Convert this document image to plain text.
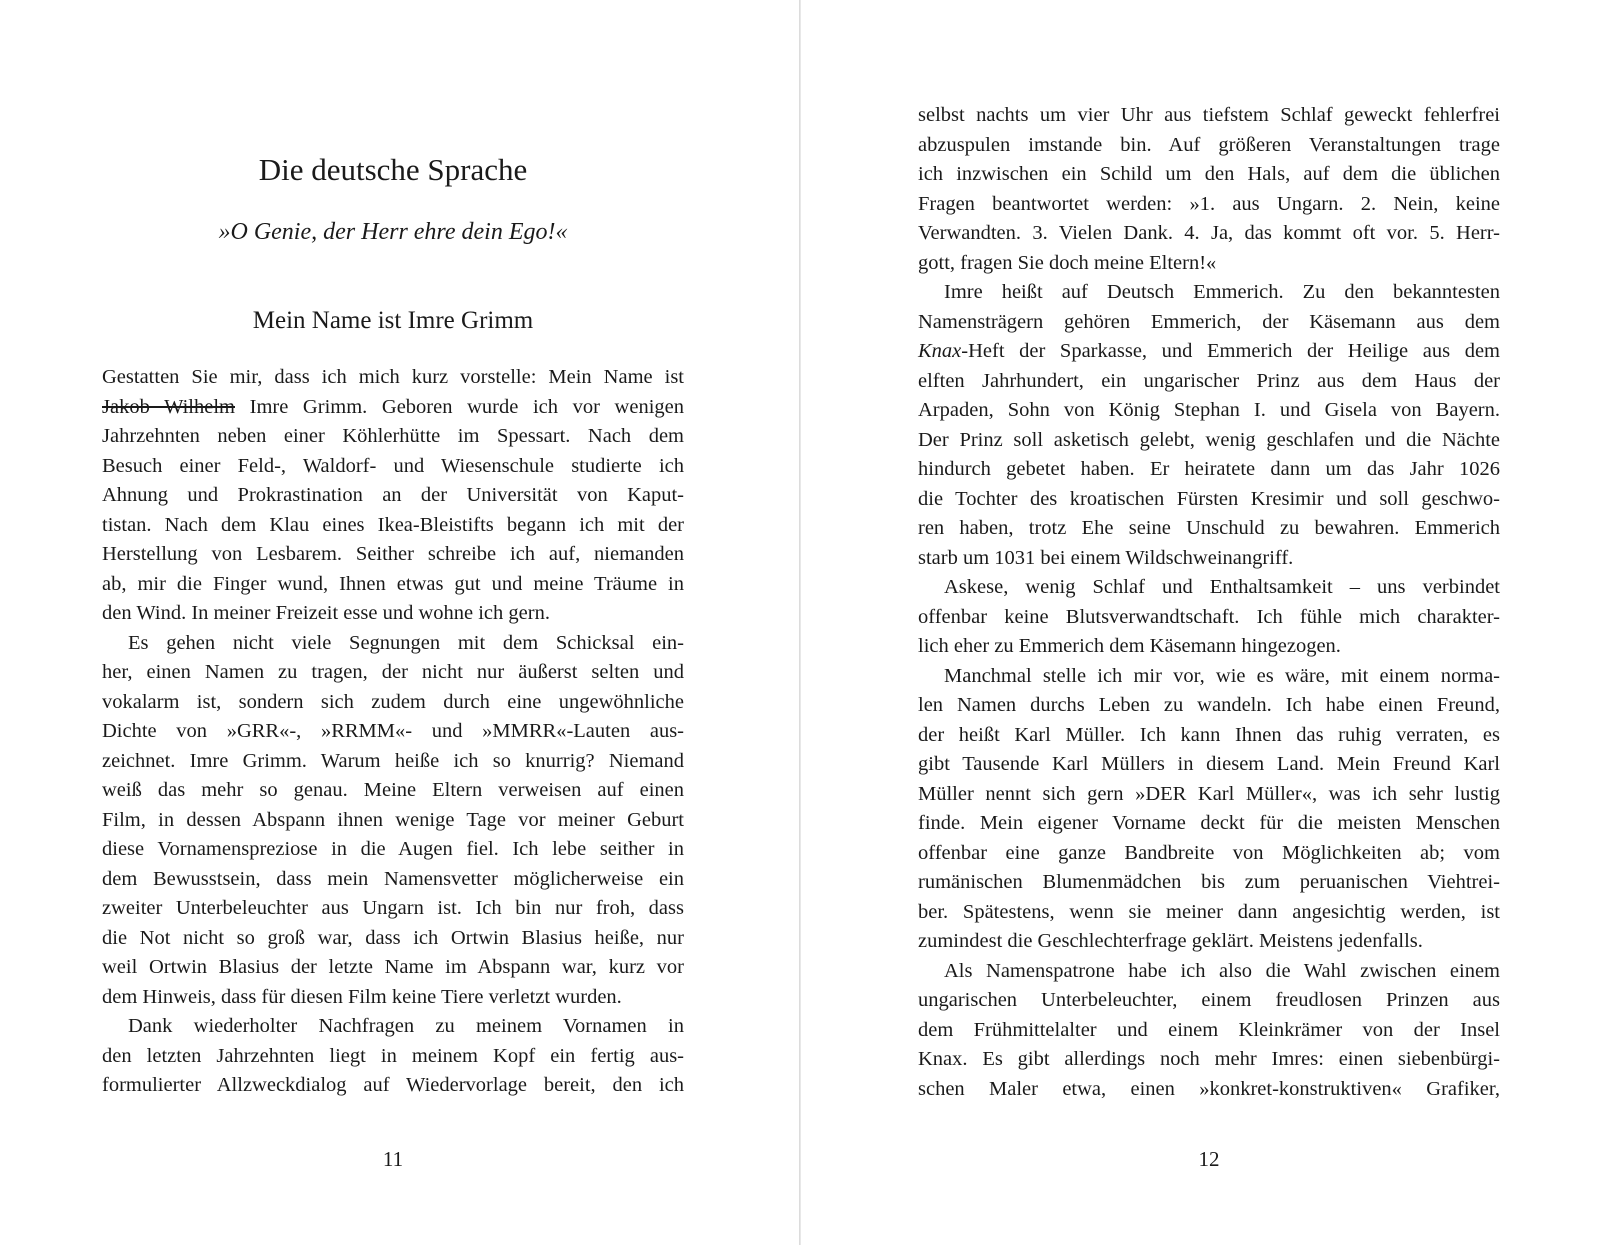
Die deutsche Sprache

»O Genie, der Herr ehre dein Ego!«

Mein Name ist Imre Grimm
Gestatten Sie mir, dass ich mich kurz vorstelle: Mein Name ist
Jakob Wilhelm Imre Grimm. Geboren wurde ich vor wenigen
Jahrzehnten neben einer Köhlerhütte im Spessart. Nach dem
Besuch einer Feld-, Waldorf- und Wiesenschule studierte ich
Ahnung und Prokrastination an der Universität von Kaput-
tistan. Nach dem Klau eines Ikea-Bleistifts begann ich mit der
Herstellung von Lesbarem. Seither schreibe ich auf, niemanden
ab, mir die Finger wund, Ihnen etwas gut und meine Träume in
den Wind. In meiner Freizeit esse und wohne ich gern.
Es gehen nicht viele Segnungen mit dem Schicksal ein-
her, einen Namen zu tragen, der nicht nur äußerst selten und
vokalarm ist, sondern sich zudem durch eine ungewöhnliche
Dichte von »GRR«-, »RRMM«- und »MMRR«-Lauten aus-
zeichnet. Imre Grimm. Warum heiße ich so knurrig? Niemand
weiß das mehr so genau. Meine Eltern verweisen auf einen
Film, in dessen Abspann ihnen wenige Tage vor meiner Geburt
diese Vornamenspreziose in die Augen fiel. Ich lebe seither in
dem Bewusstsein, dass mein Namensvetter möglicherweise ein
zweiter Unterbeleuchter aus Ungarn ist. Ich bin nur froh, dass
die Not nicht so groß war, dass ich Ortwin Blasius heiße, nur
weil Ortwin Blasius der letzte Name im Abspann war, kurz vor
dem Hinweis, dass für diesen Film keine Tiere verletzt wurden.
Dank wiederholter Nachfragen zu meinem Vornamen in
den letzten Jahrzehnten liegt in meinem Kopf ein fertig aus-
formulierter Allzweckdialog auf Wiedervorlage bereit, den ich
11
selbst nachts um vier Uhr aus tiefstem Schlaf geweckt fehlerfrei
abzuspulen imstande bin. Auf größeren Veranstaltungen trage
ich inzwischen ein Schild um den Hals, auf dem die üblichen
Fragen beantwortet werden: »1. aus Ungarn. 2. Nein, keine
Verwandten. 3. Vielen Dank. 4. Ja, das kommt oft vor. 5. Herr-
gott, fragen Sie doch meine Eltern!«
Imre heißt auf Deutsch Emmerich. Zu den bekanntesten
Namensträgern gehören Emmerich, der Käsemann aus dem
Knax-Heft der Sparkasse, und Emmerich der Heilige aus dem
elften Jahrhundert, ein ungarischer Prinz aus dem Haus der
Arpaden, Sohn von König Stephan I. und Gisela von Bayern.
Der Prinz soll asketisch gelebt, wenig geschlafen und die Nächte
hindurch gebetet haben. Er heiratete dann um das Jahr 1026
die Tochter des kroatischen Fürsten Kresimir und soll geschwo-
ren haben, trotz Ehe seine Unschuld zu bewahren. Emmerich
starb um 1031 bei einem Wildschweinangriff.
Askese, wenig Schlaf und Enthaltsamkeit – uns verbindet
offenbar keine Blutsverwandtschaft. Ich fühle mich charakter-
lich eher zu Emmerich dem Käsemann hingezogen.
Manchmal stelle ich mir vor, wie es wäre, mit einem norma-
len Namen durchs Leben zu wandeln. Ich habe einen Freund,
der heißt Karl Müller. Ich kann Ihnen das ruhig verraten, es
gibt Tausende Karl Müllers in diesem Land. Mein Freund Karl
Müller nennt sich gern »DER Karl Müller«, was ich sehr lustig
finde. Mein eigener Vorname deckt für die meisten Menschen
offenbar eine ganze Bandbreite von Möglichkeiten ab; vom
rumänischen Blumenmädchen bis zum peruanischen Viehtrei-
ber. Spätestens, wenn sie meiner dann angesichtig werden, ist
zumindest die Geschlechterfrage geklärt. Meistens jedenfalls.
Als Namenspatrone habe ich also die Wahl zwischen einem
ungarischen Unterbeleuchter, einem freudlosen Prinzen aus
dem Frühmittelalter und einem Kleinkrämer von der Insel
Knax. Es gibt allerdings noch mehr Imres: einen siebenbürgi-
schen Maler etwa, einen »konkret-konstruktiven« Grafiker,
12
